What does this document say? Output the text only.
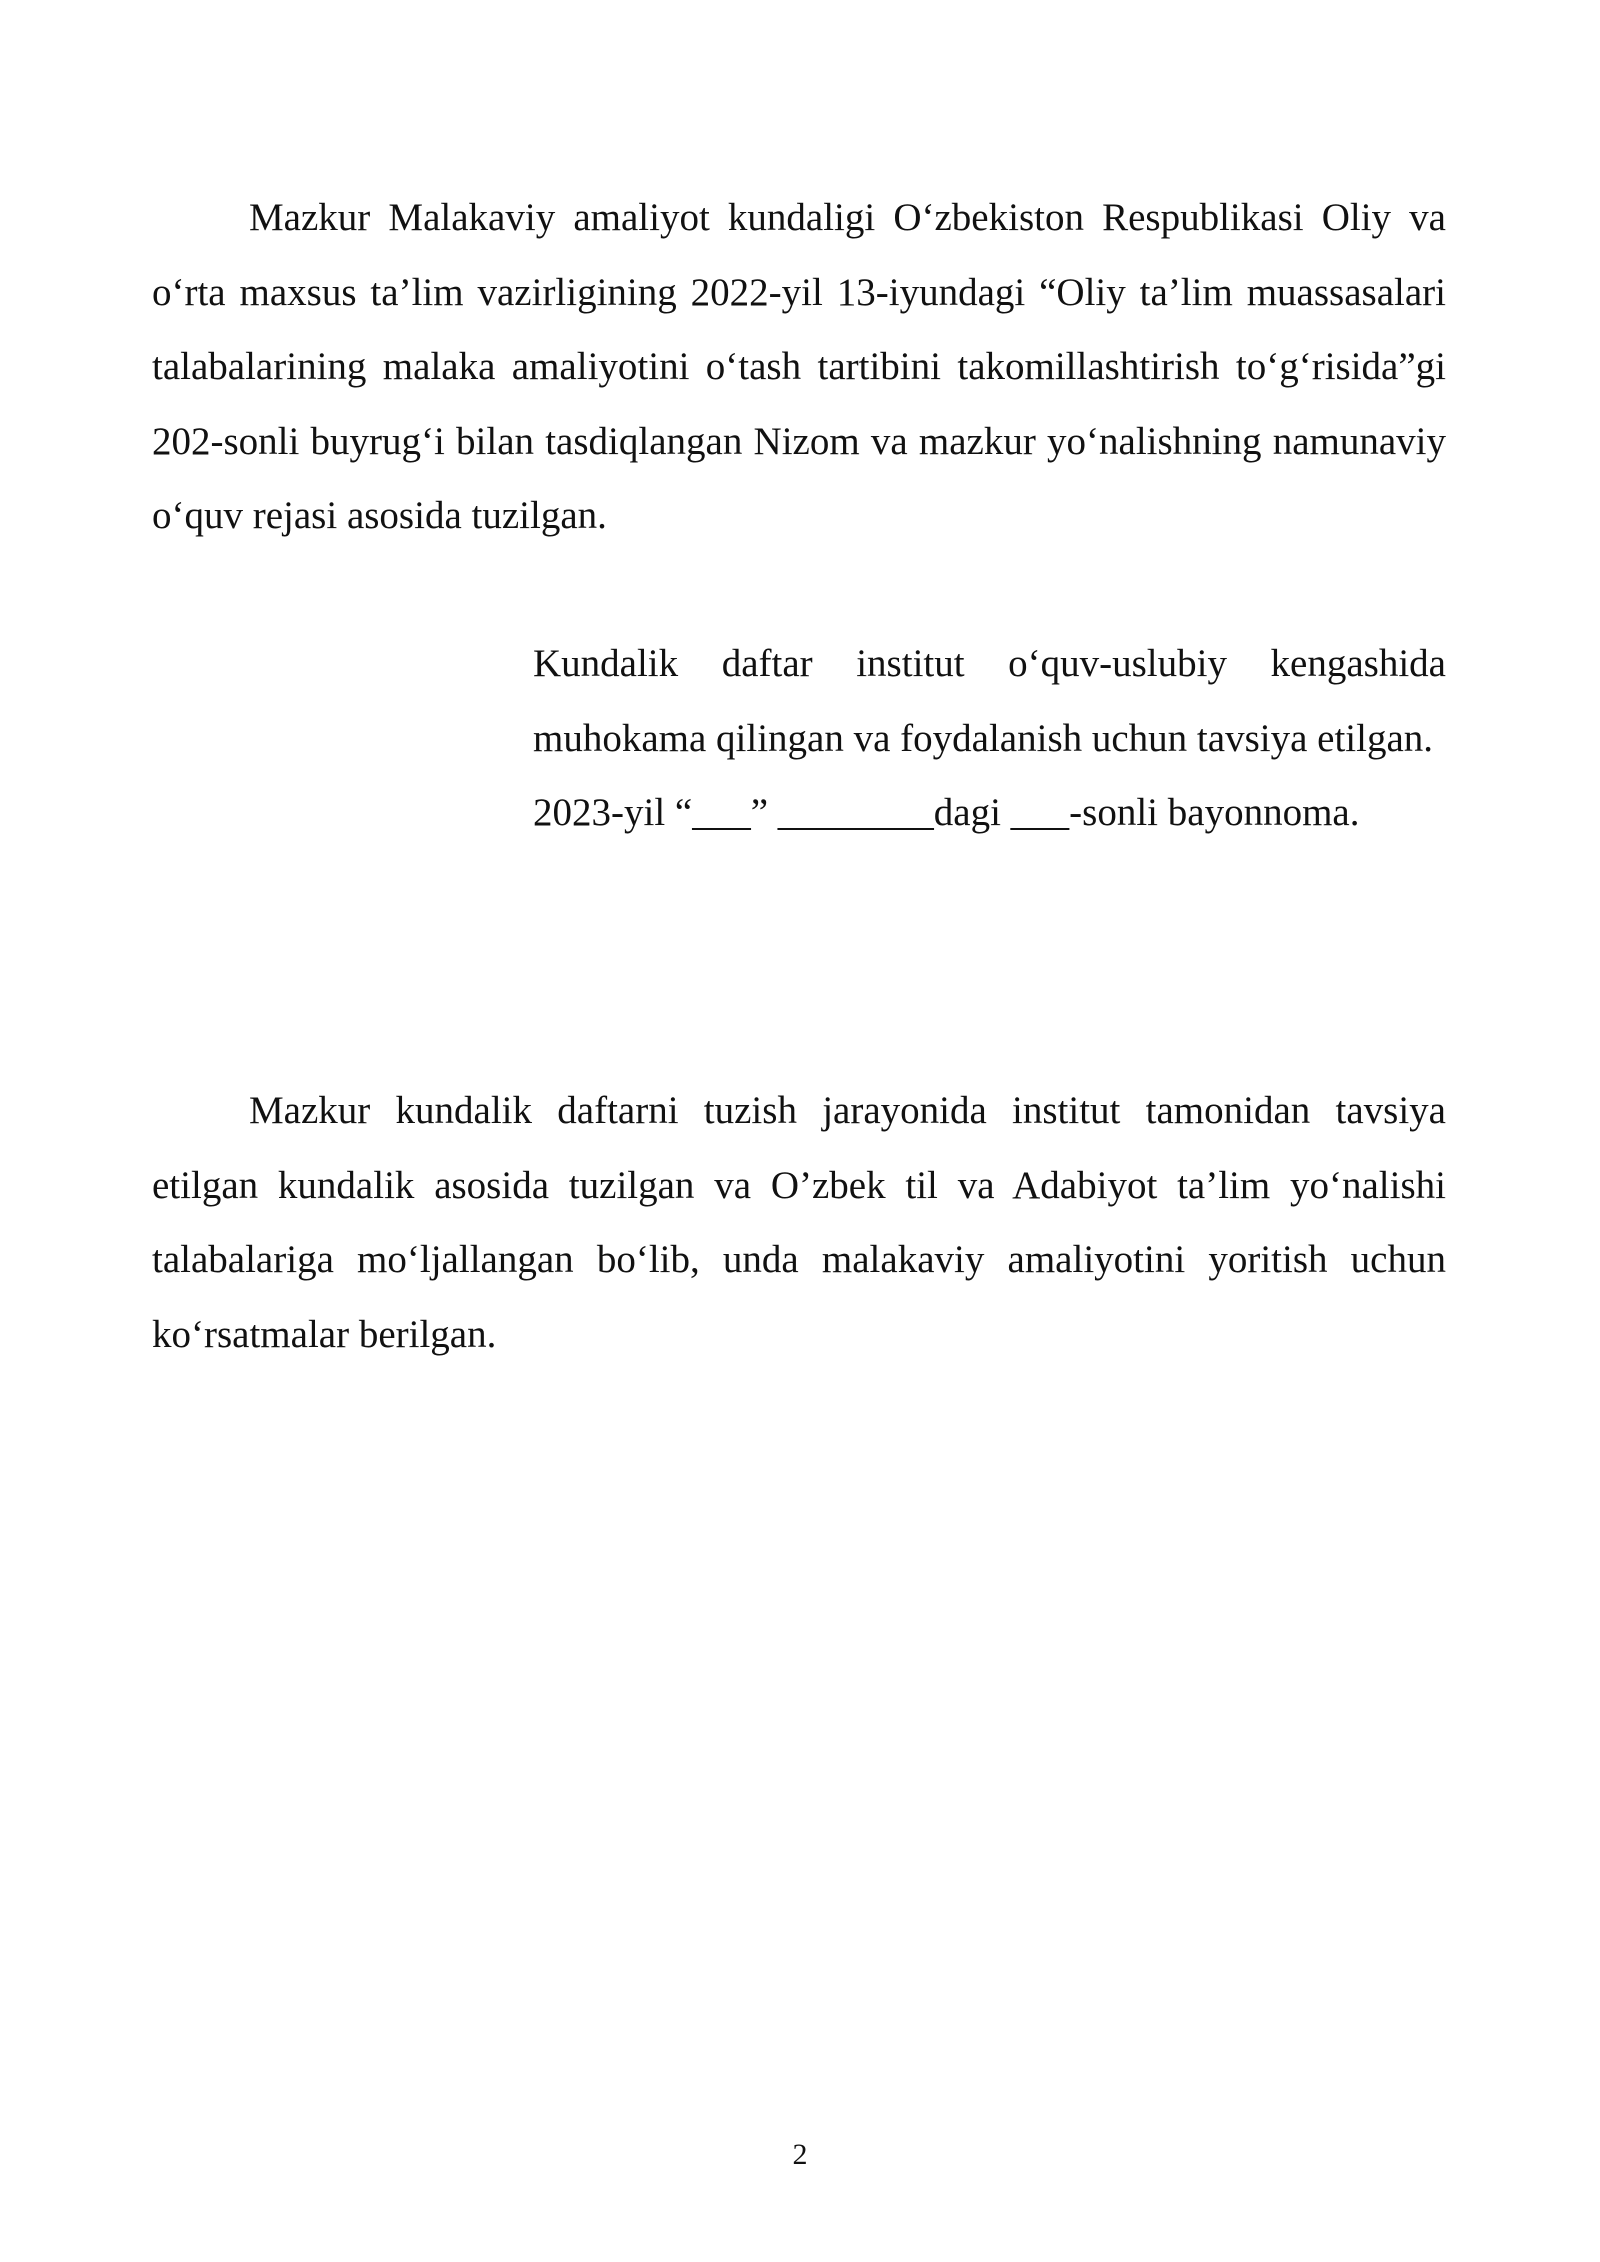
Mazkur Malakaviy amaliyot kundaligi O‘zbekiston Respublikasi Oliy va o‘rta maxsus ta’lim vazirligining 2022-yil 13-iyundagi “Oliy ta’lim muassasalari talabalarining malaka amaliyotini o‘tash tartibini takomillashtirish to‘g‘risida”gi 202-sonli buyrug‘i bilan tasdiqlangan Nizom va mazkur yo‘nalishning namunaviy o‘quv rejasi asosida tuzilgan.

Kundalik daftar institut o‘quv-uslubiy kengashida muhokama qilingan va foydalanish uchun tavsiya etilgan.
2023-yil “___” ________dagi ___-sonli bayonnoma.

Mazkur kundalik daftarni tuzish jarayonida institut tamonidan tavsiya etilgan kundalik asosida tuzilgan va O’zbek til va Adabiyot ta’lim yo‘nalishi talabalariga mo‘ljallangan bo‘lib, unda malakaviy amaliyotini yoritish uchun ko‘rsatmalar berilgan.

2
